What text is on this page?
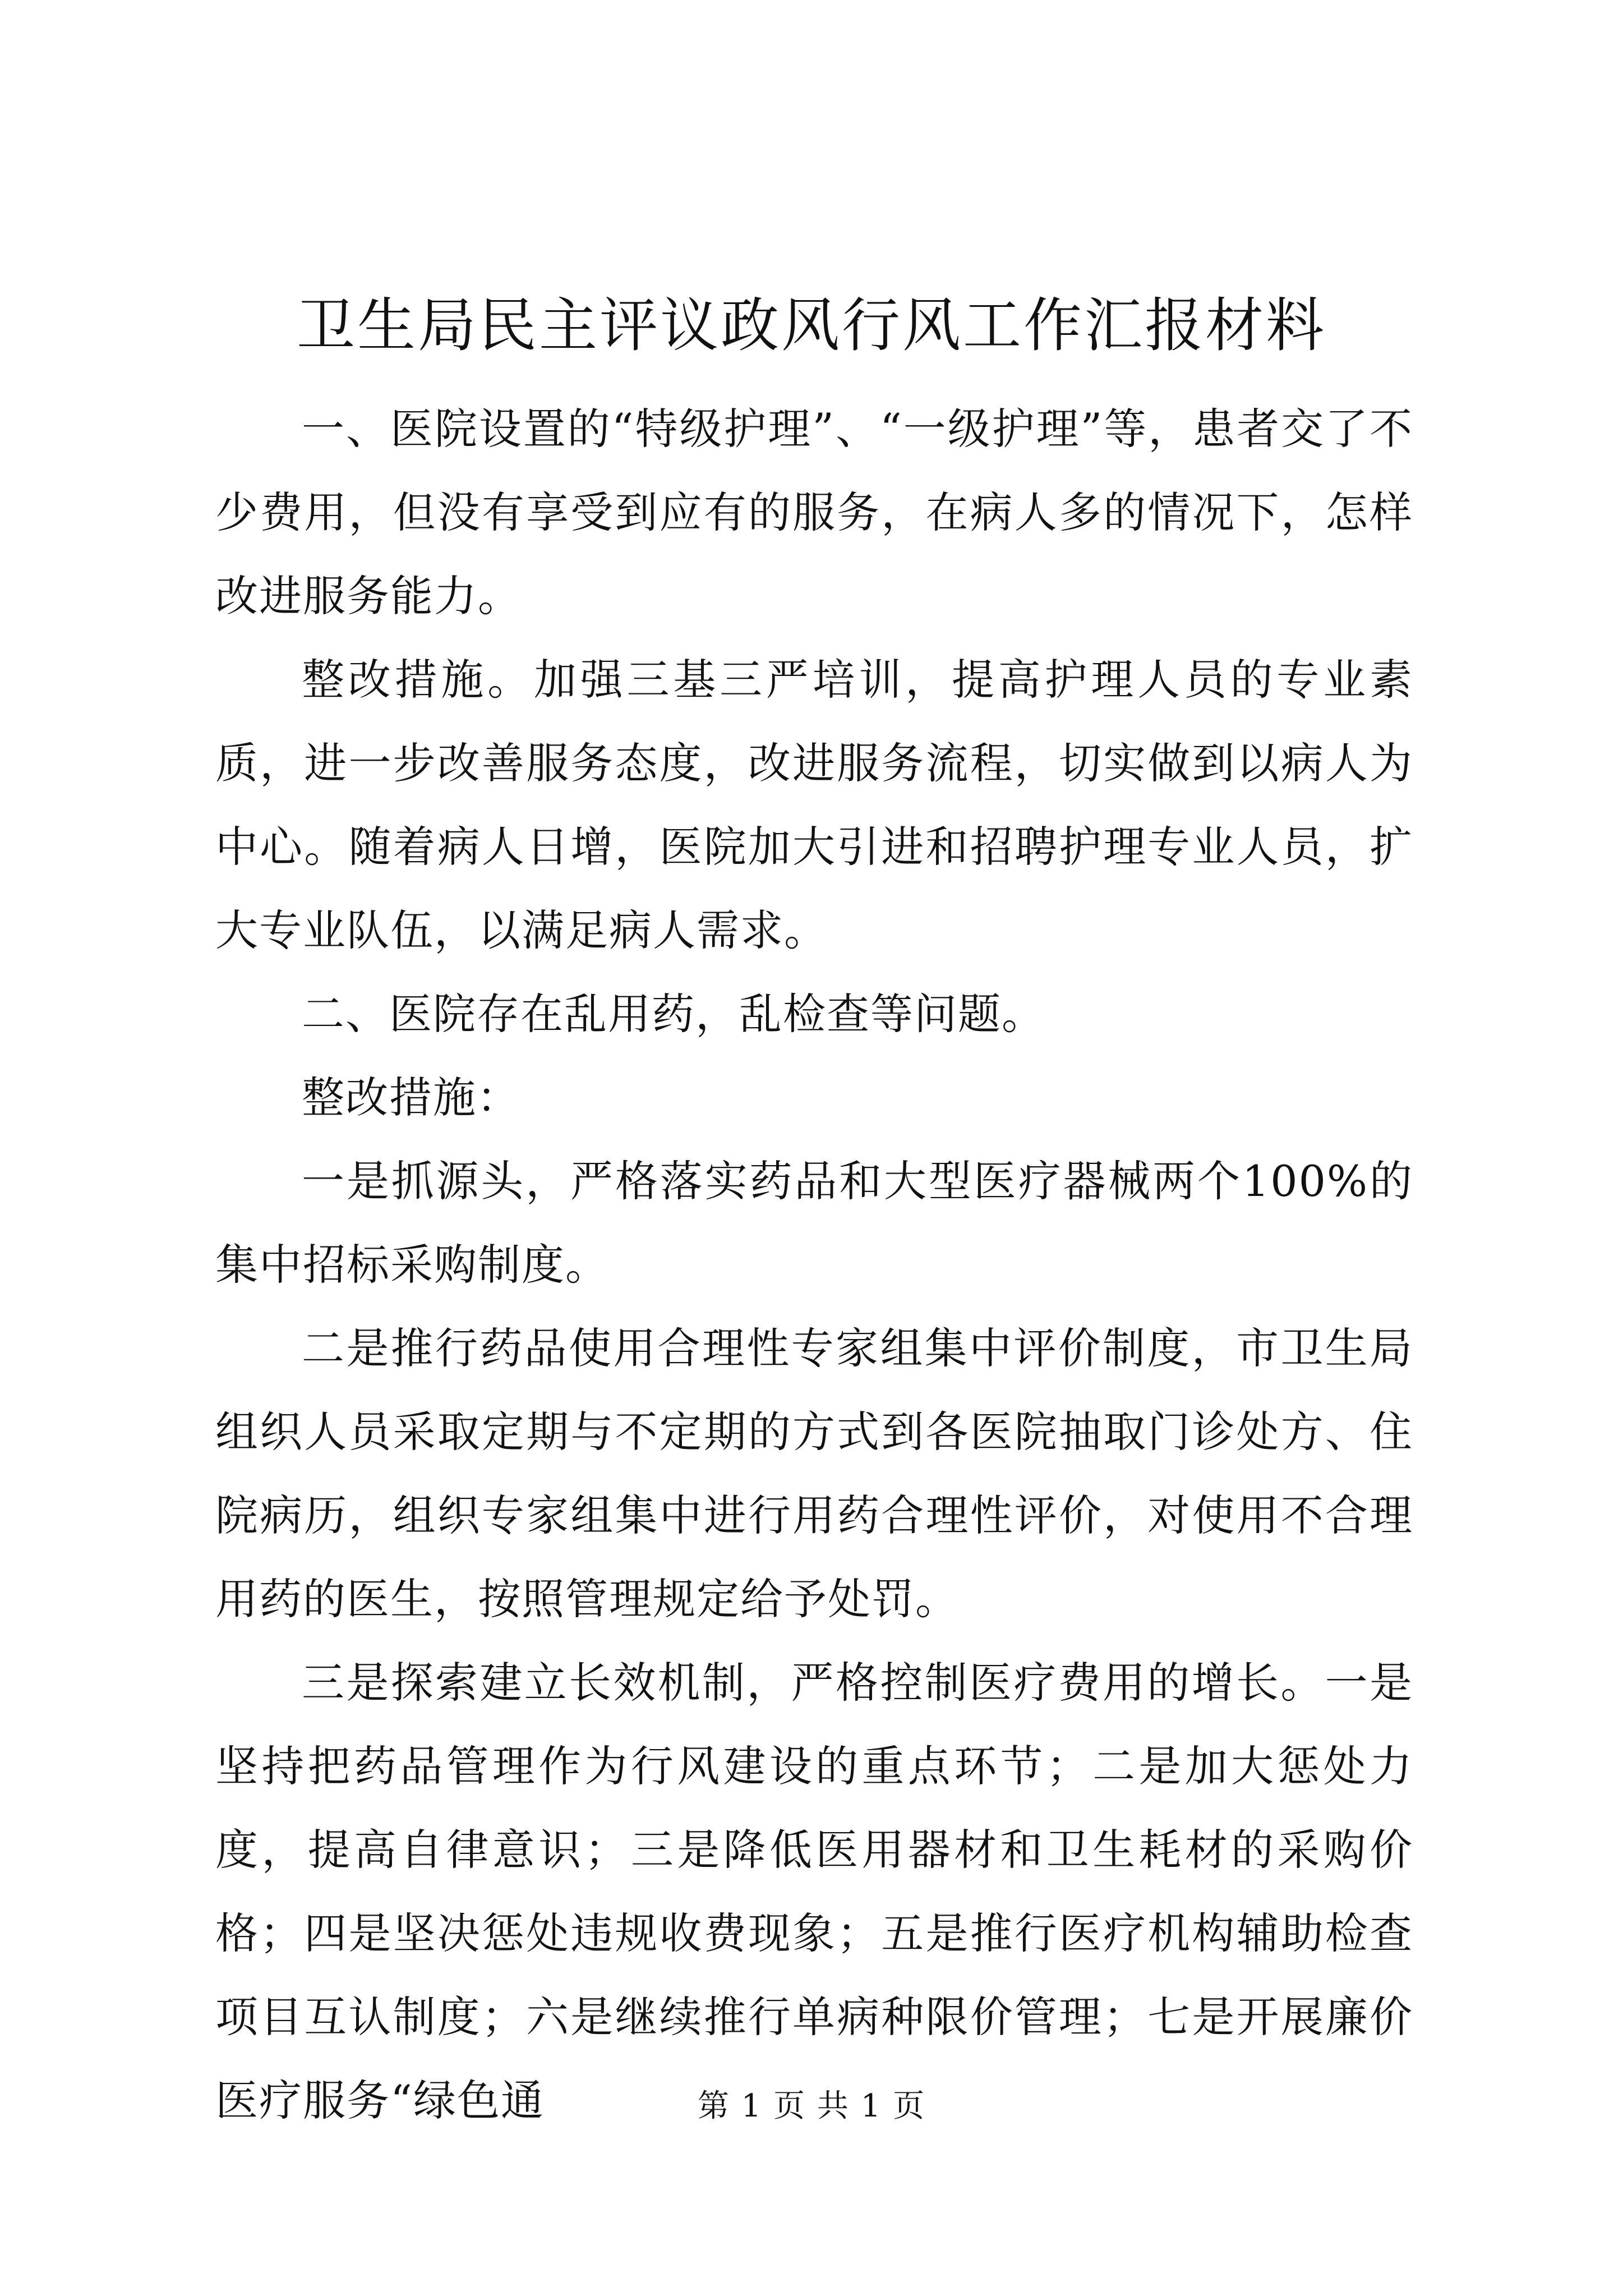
卫生局民主评议政风行风工作汇报材料

一、医院设置的“特级护理”、“一级护理”等，患者交了不少费用，但没有享受到应有的服务，在病人多的情况下，怎样改进服务能力。

整改措施。加强三基三严培训，提高护理人员的专业素质，进一步改善服务态度，改进服务流程，切实做到以病人为中心。随着病人日增，医院加大引进和招聘护理专业人员，扩大专业队伍，以满足病人需求。

二、医院存在乱用药，乱检查等问题。

整改措施：

一是抓源头，严格落实药品和大型医疗器械两个100%的集中招标采购制度。

二是推行药品使用合理性专家组集中评价制度，市卫生局组织人员采取定期与不定期的方式到各医院抽取门诊处方、住院病历，组织专家组集中进行用药合理性评价，对使用不合理用药的医生，按照管理规定给予处罚。

三是探索建立长效机制，严格控制医疗费用的增长。一是坚持把药品管理作为行风建设的重点环节；二是加大惩处力度，提高自律意识；三是降低医用器材和卫生耗材的采购价格；四是坚决惩处违规收费现象；五是推行医疗机构辅助检查项目互认制度；六是继续推行单病种限价管理；七是开展廉价医疗服务“绿色通	第 1 页 共 1 页
